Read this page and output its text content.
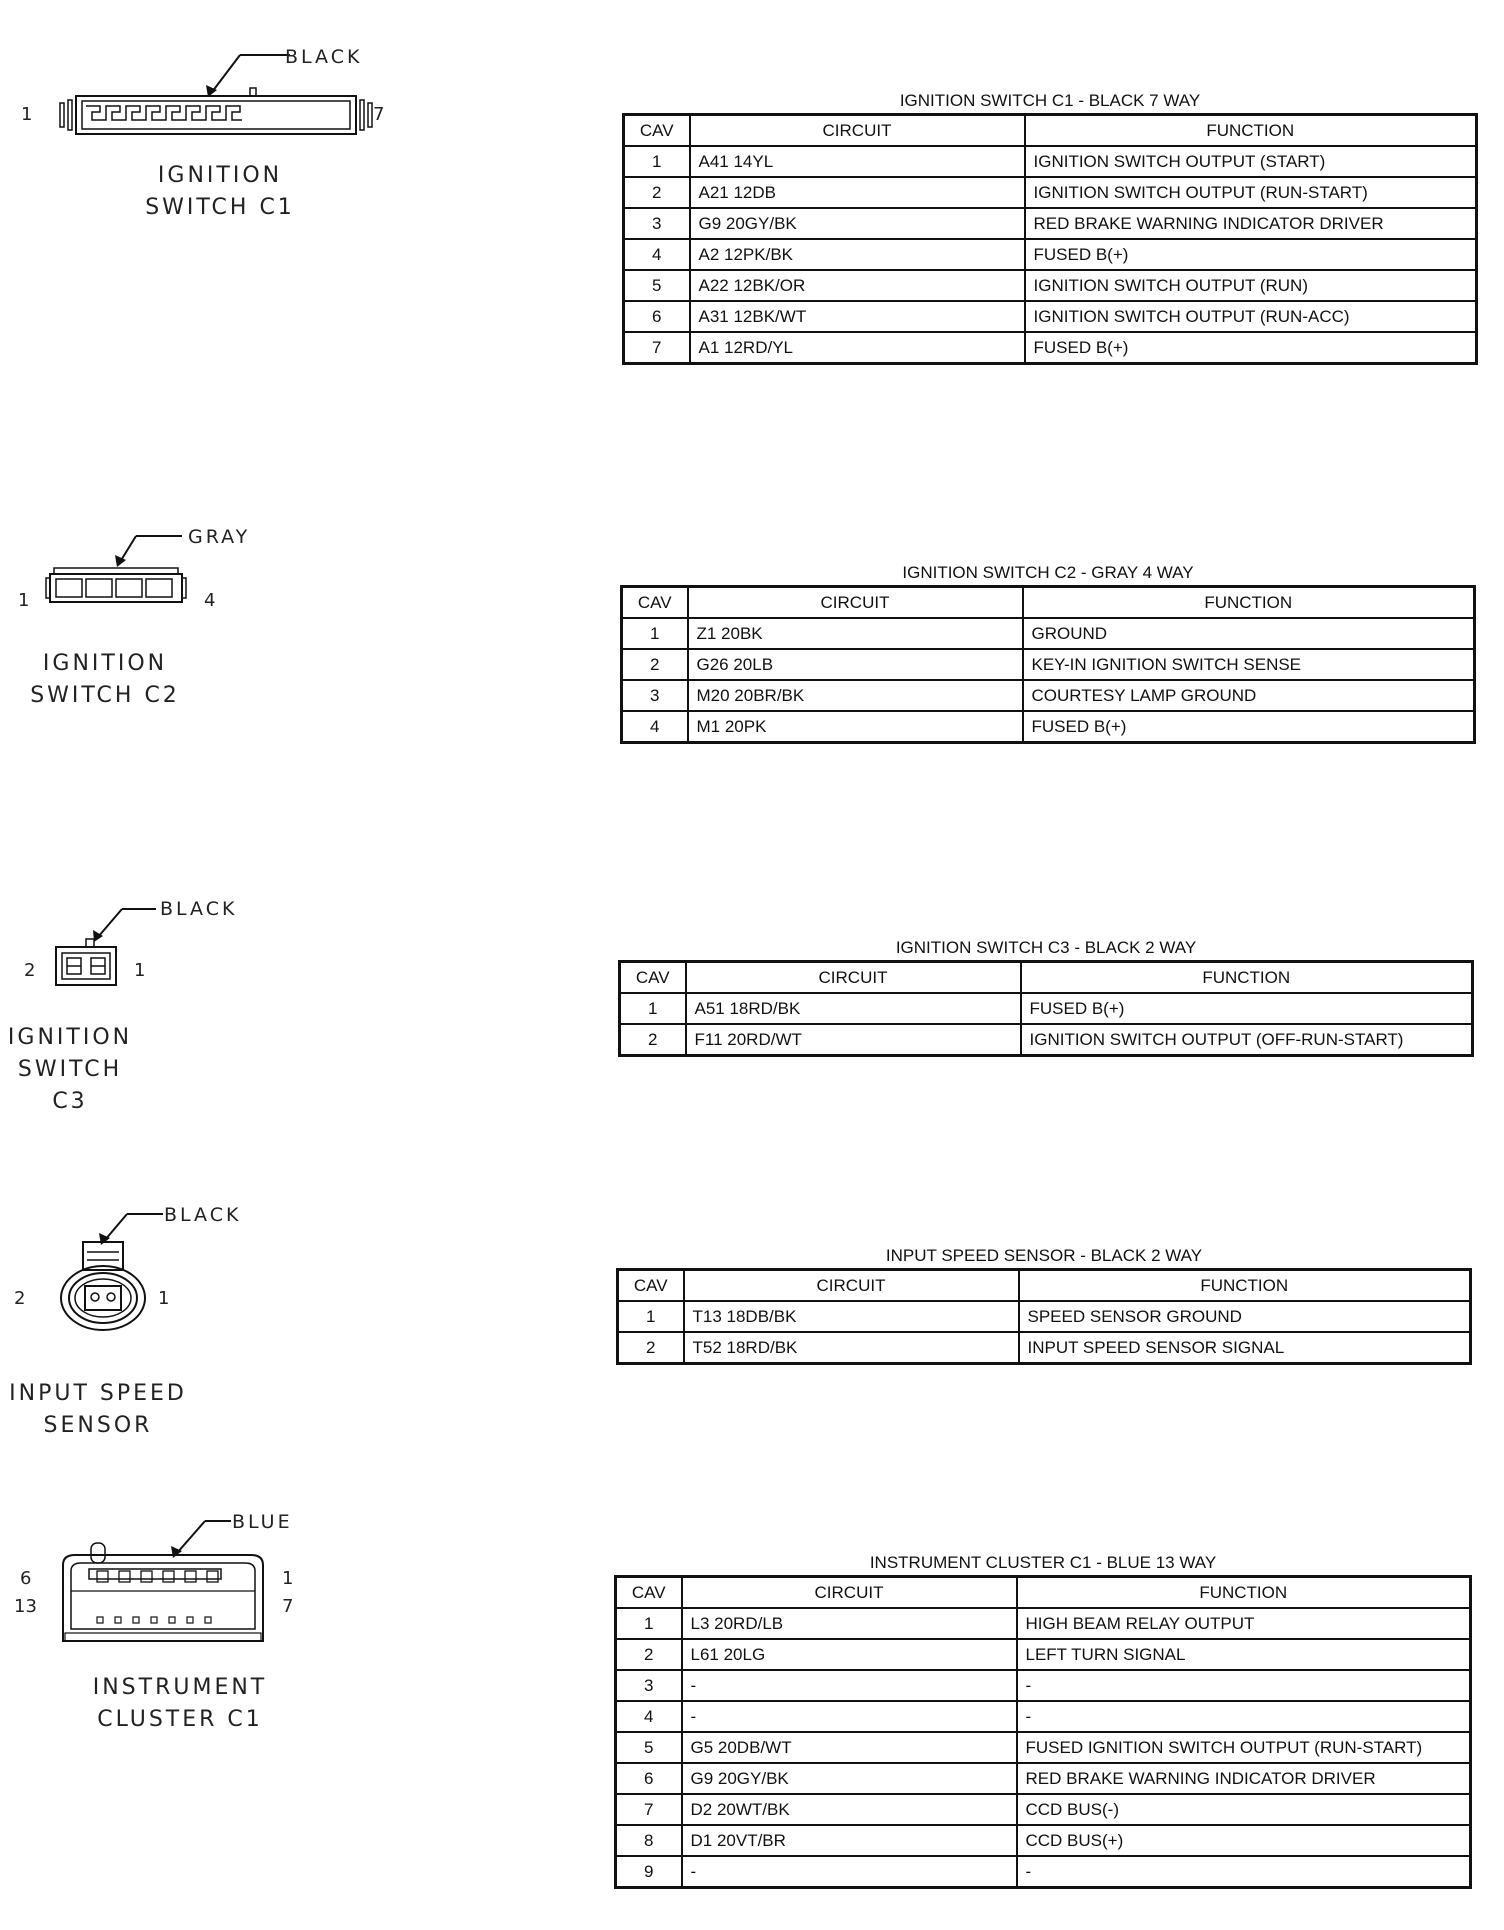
BLACK
1	7
IGNITION
SWITCH C1
IGNITION SWITCH C1 - BLACK 7 WAY
CAV	CIRCUIT	FUNCTION
1	A41 14YL	IGNITION SWITCH OUTPUT (START)
2	A21 12DB	IGNITION SWITCH OUTPUT (RUN-START)
3	G9 20GY/BK	RED BRAKE WARNING INDICATOR DRIVER
4	A2 12PK/BK	FUSED B(+)
5	A22 12BK/OR	IGNITION SWITCH OUTPUT (RUN)
6	A31 12BK/WT	IGNITION SWITCH OUTPUT (RUN-ACC)
7	A1 12RD/YL	FUSED B(+)
GRAY
1	4
IGNITION
SWITCH C2
IGNITION SWITCH C2 - GRAY 4 WAY
CAV	CIRCUIT	FUNCTION
1	Z1 20BK	GROUND
2	G26 20LB	KEY-IN IGNITION SWITCH SENSE
3	M20 20BR/BK	COURTESY LAMP GROUND
4	M1 20PK	FUSED B(+)
BLACK
2	1
IGNITION
SWITCH C3
IGNITION SWITCH C3 - BLACK 2 WAY
CAV	CIRCUIT	FUNCTION
1	A51 18RD/BK	FUSED B(+)
2	F11 20RD/WT	IGNITION SWITCH OUTPUT (OFF-RUN-START)
BLACK
2	1
INPUT SPEED
SENSOR
INPUT SPEED SENSOR - BLACK 2 WAY
CAV	CIRCUIT	FUNCTION
1	T13 18DB/BK	SPEED SENSOR GROUND
2	T52 18RD/BK	INPUT SPEED SENSOR SIGNAL
BLUE
6	1
13	7
INSTRUMENT
CLUSTER C1
INSTRUMENT CLUSTER C1 - BLUE 13 WAY
CAV	CIRCUIT	FUNCTION
1	L3 20RD/LB	HIGH BEAM RELAY OUTPUT
2	L61 20LG	LEFT TURN SIGNAL
3	-	-
4	-	-
5	G5 20DB/WT	FUSED IGNITION SWITCH OUTPUT (RUN-START)
6	G9 20GY/BK	RED BRAKE WARNING INDICATOR DRIVER
7	D2 20WT/BK	CCD BUS(-)
8	D1 20VT/BR	CCD BUS(+)
9	-	-
